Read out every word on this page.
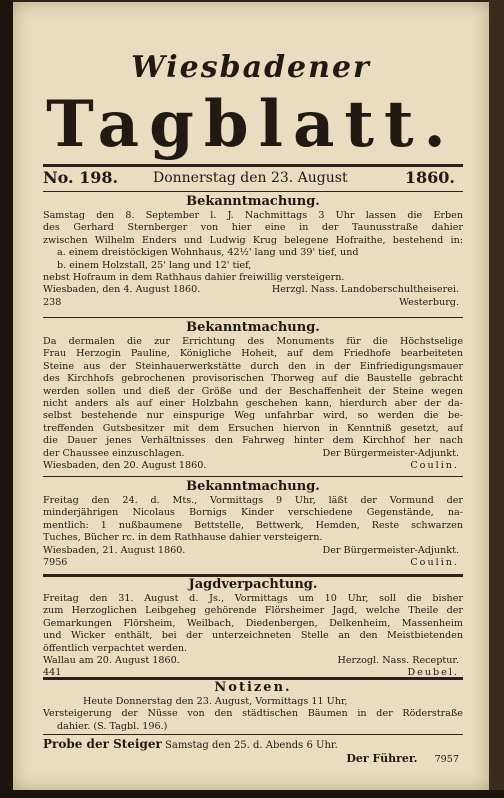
Wiesbadener
Tagblatt.
No. 198. Donnerstag den 23. August	1860.
Bekanntmachung.
Samstag den 8. September l. J. Nachmittags 3 Uhr lassen die Erben
des Gerhard Sternberger von hier eine in der Taunusstraße dahier
zwischen Wilhelm Enders und Ludwig Krug belegene Hofraithe, bestehend in:
a. einem dreistöckigen Wohnhaus, 42½' lang und 39' tief, und
b. einem Holzstall, 25' lang und 12' tief,
nebst Hofraum in dem Rathhaus dahier freiwillig versteigern.
Wiesbaden, den 4. August 1860.	Herzgl. Nass. Landoberschultheiserei.
238	Westerburg.
Bekanntmachung.
Da dermalen die zur Errichtung des Monuments für die Höchstselige
Frau Herzogin Pauline, Königliche Hoheit, auf dem Friedhofe bearbeiteten
Steine aus der Steinhauerwerkstätte durch den in der Einfriedigungsmauer
des Kirchhofs gebrochenen provisorischen Thorweg auf die Baustelle gebracht
werden sollen und dieß der Größe und der Beschaffenheit der Steine wegen
nicht anders als auf einer Holzbahn geschehen kann, hierdurch aber der da-
selbst bestehende nur einspurige Weg unfahrbar wird, so werden die be-
treffenden Gutsbesitzer mit dem Ersuchen hiervon in Kenntniß gesetzt, auf
die Dauer jenes Verhältnisses den Fahrweg hinter dem Kirchhof her nach
der Chaussee einzuschlagen.	Der Bürgermeister-Adjunkt.
Wiesbaden, den 20. August 1860.	Coulin.
Bekanntmachung.
Freitag den 24. d. Mts., Vormittags 9 Uhr, läßt der Vormund der
minderjährigen Nicolaus Bornigs Kinder verschiedene Gegenstände, na-
mentlich: 1 nußbaumene Bettstelle, Bettwerk, Hemden, Reste schwarzen
Tuches, Bücher rc. in dem Rathhause dahier versteigern.
Wiesbaden, 21. August 1860.	Der Bürgermeister-Adjunkt.
7956	Coulin.
Jagdverpachtung.
Freitag den 31. August d. Js., Vormittags um 10 Uhr, soll die bisher
zum Herzoglichen Leibgeheg gehörende Flörsheimer Jagd, welche Theile der
Gemarkungen Flörsheim, Weilbach, Diedenbergen, Delkenheim, Massenheim
und Wicker enthält, bei der unterzeichneten Stelle an den Meistbietenden
öffentlich verpachtet werden.
Wallau am 20. August 1860.	Herzogl. Nass. Receptur.
441	Deubel.
Notizen.
Heute Donnerstag den 23. August, Vormittags 11 Uhr,
Versteigerung der Nüsse von den städtischen Bäumen in der Röderstraße
dahier. (S. Tagbl. 196.)
Probe der Steiger Samstag den 25. d. Abends 6 Uhr.
Der Führer. 7957
